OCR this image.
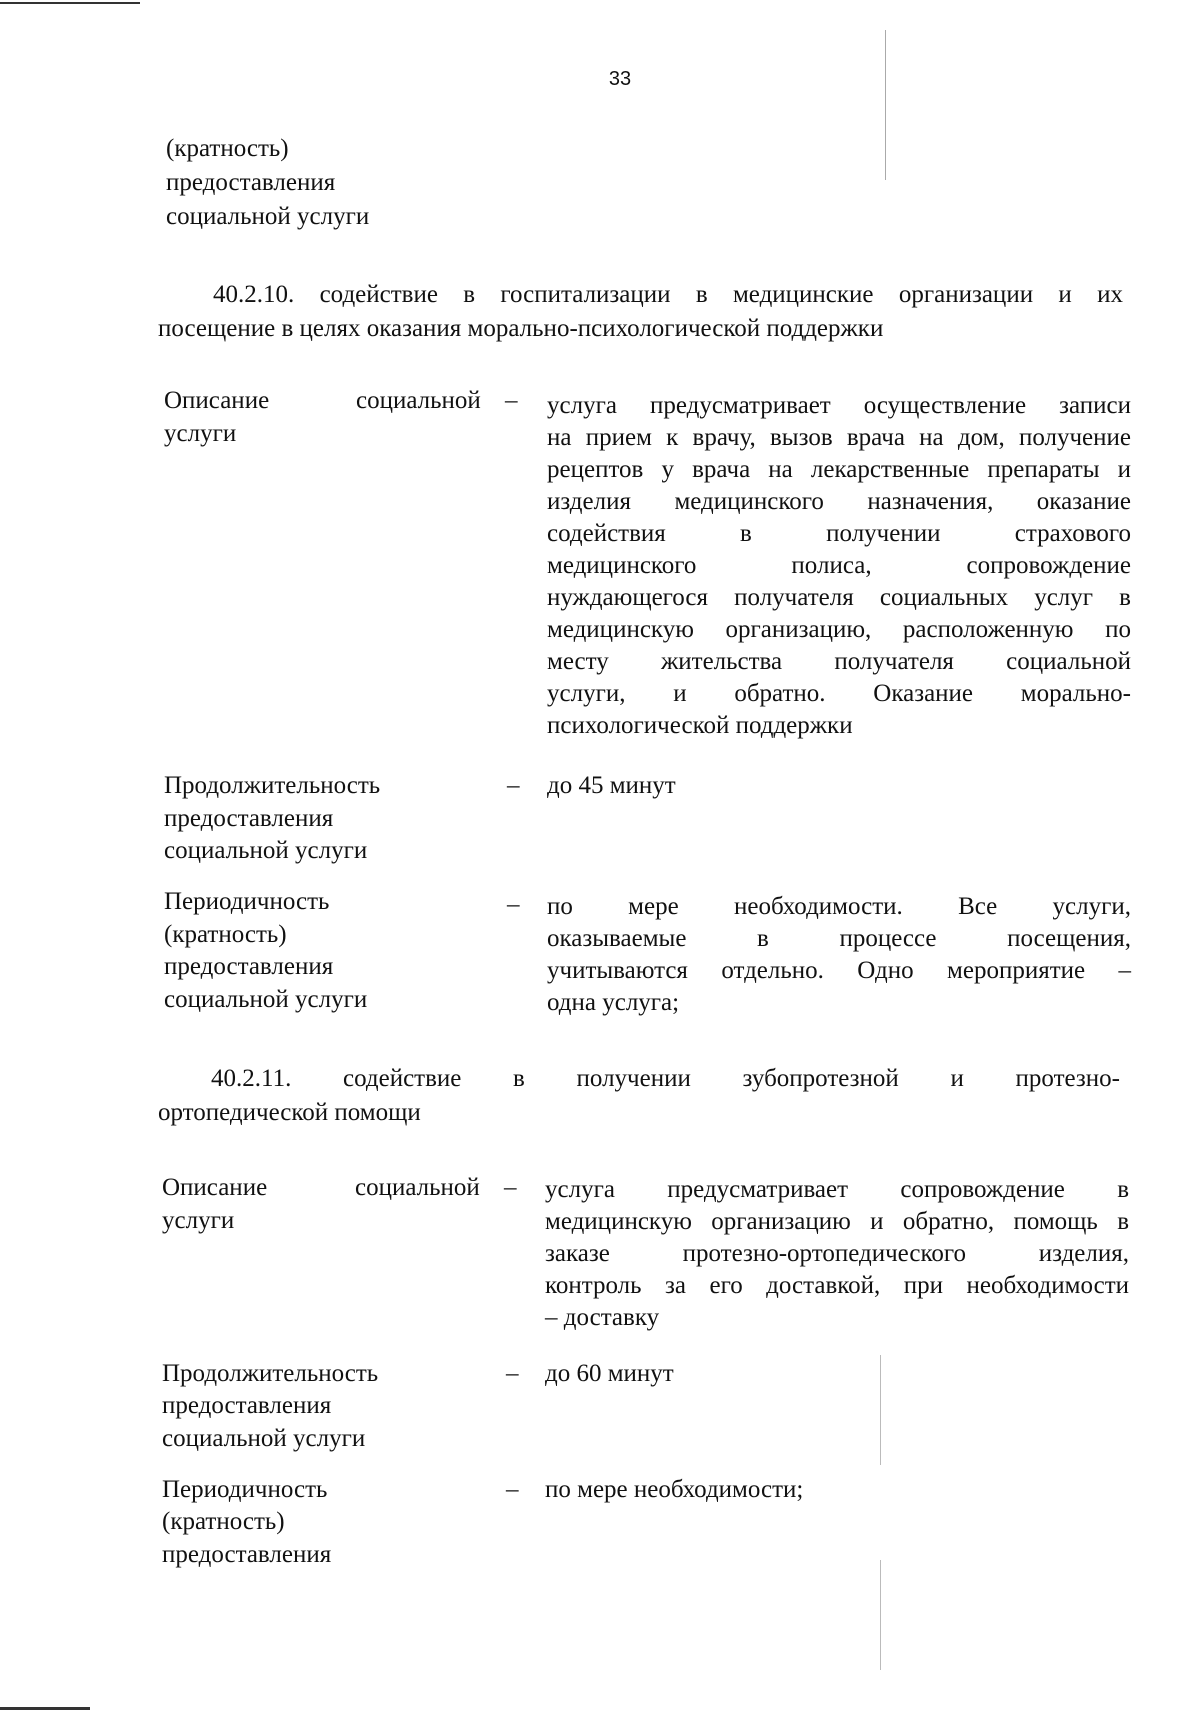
33
(кратность)
предоставления
социальной услуги
40.2.10. содействие в госпитализации в медицинские организации и их
посещение в целях оказания морально-психологической поддержки
Описание	социальной –
услуги
услуга предусматривает осуществление записи
на прием к врачу, вызов врача на дом, получение
рецептов у врача на лекарственные препараты и
изделия медицинского назначения, оказание
содействия в получении страхового
медицинского полиса, сопровождение
нуждающегося получателя социальных услуг в
медицинскую организацию, расположенную по
месту жительства получателя социальной
услуги, и обратно. Оказание морально-
психологической поддержки
Продолжительность
предоставления
социальной услуги
– до 45 минут
Периодичность
(кратность)
предоставления
социальной услуги
– по мере необходимости. Все услуги,
оказываемые в процессе посещения,
учитываются отдельно. Одно мероприятие –
одна услуга;
40.2.11. содействие в получении зубопротезной и протезно-
ортопедической помощи
Описание	социальной –
услуги
услуга предусматривает сопровождение в
медицинскую организацию и обратно, помощь в
заказе протезно-ортопедического изделия,
контроль за его доставкой, при необходимости
– доставку
Продолжительность
предоставления
социальной услуги
– до 60 минут
Периодичность
(кратность)
предоставления
– по мере необходимости;
